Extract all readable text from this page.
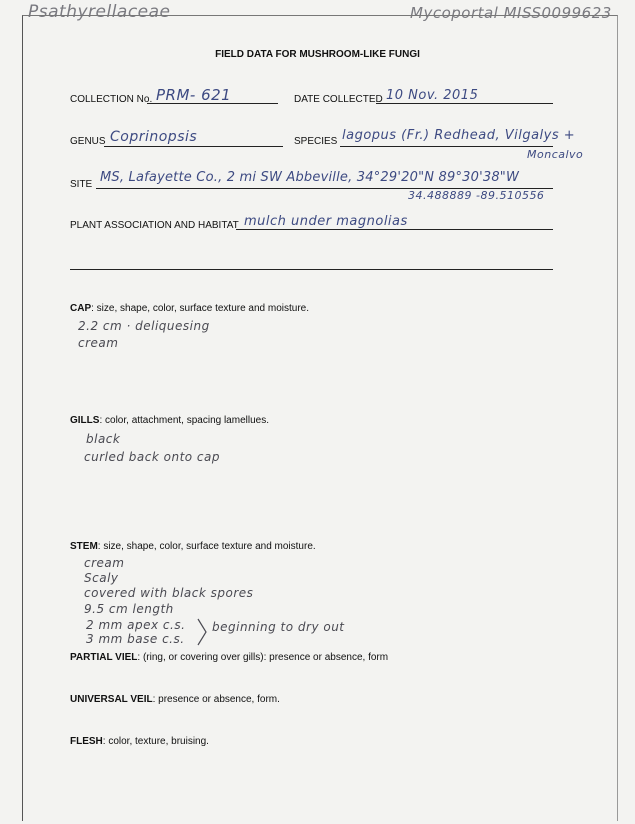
Psathyrellaceae	Mycoportal MISS0099623
FIELD DATA FOR MUSHROOM-LIKE FUNGI
COLLECTION No. PRM- 621	DATE COLLECTED 10 Nov. 2015
GENUS Coprinopsis	SPECIES lagopus (Fr.) Redhead, Vilgalys +
Moncalvo
SITE MS, Lafayette Co., 2 mi SW Abbeville, 34°29'20"N 89°30'38"W
34.488889 -89.510556
PLANT ASSOCIATION AND HABITAT mulch under magnolias
CAP: size, shape, color, surface texture and moisture.
2.2 cm · deliquesing
cream
GILLS: color, attachment, spacing lamellues.
black
curled back onto cap
STEM: size, shape, color, surface texture and moisture.
cream
Scaly
covered with black spores
9.5 cm length
2 mm apex c.s.
3 mm base c.s.
beginning to dry out
PARTIAL VIEL: (ring, or covering over gills): presence or absence, form
UNIVERSAL VEIL: presence or absence, form.
FLESH: color, texture, bruising.
